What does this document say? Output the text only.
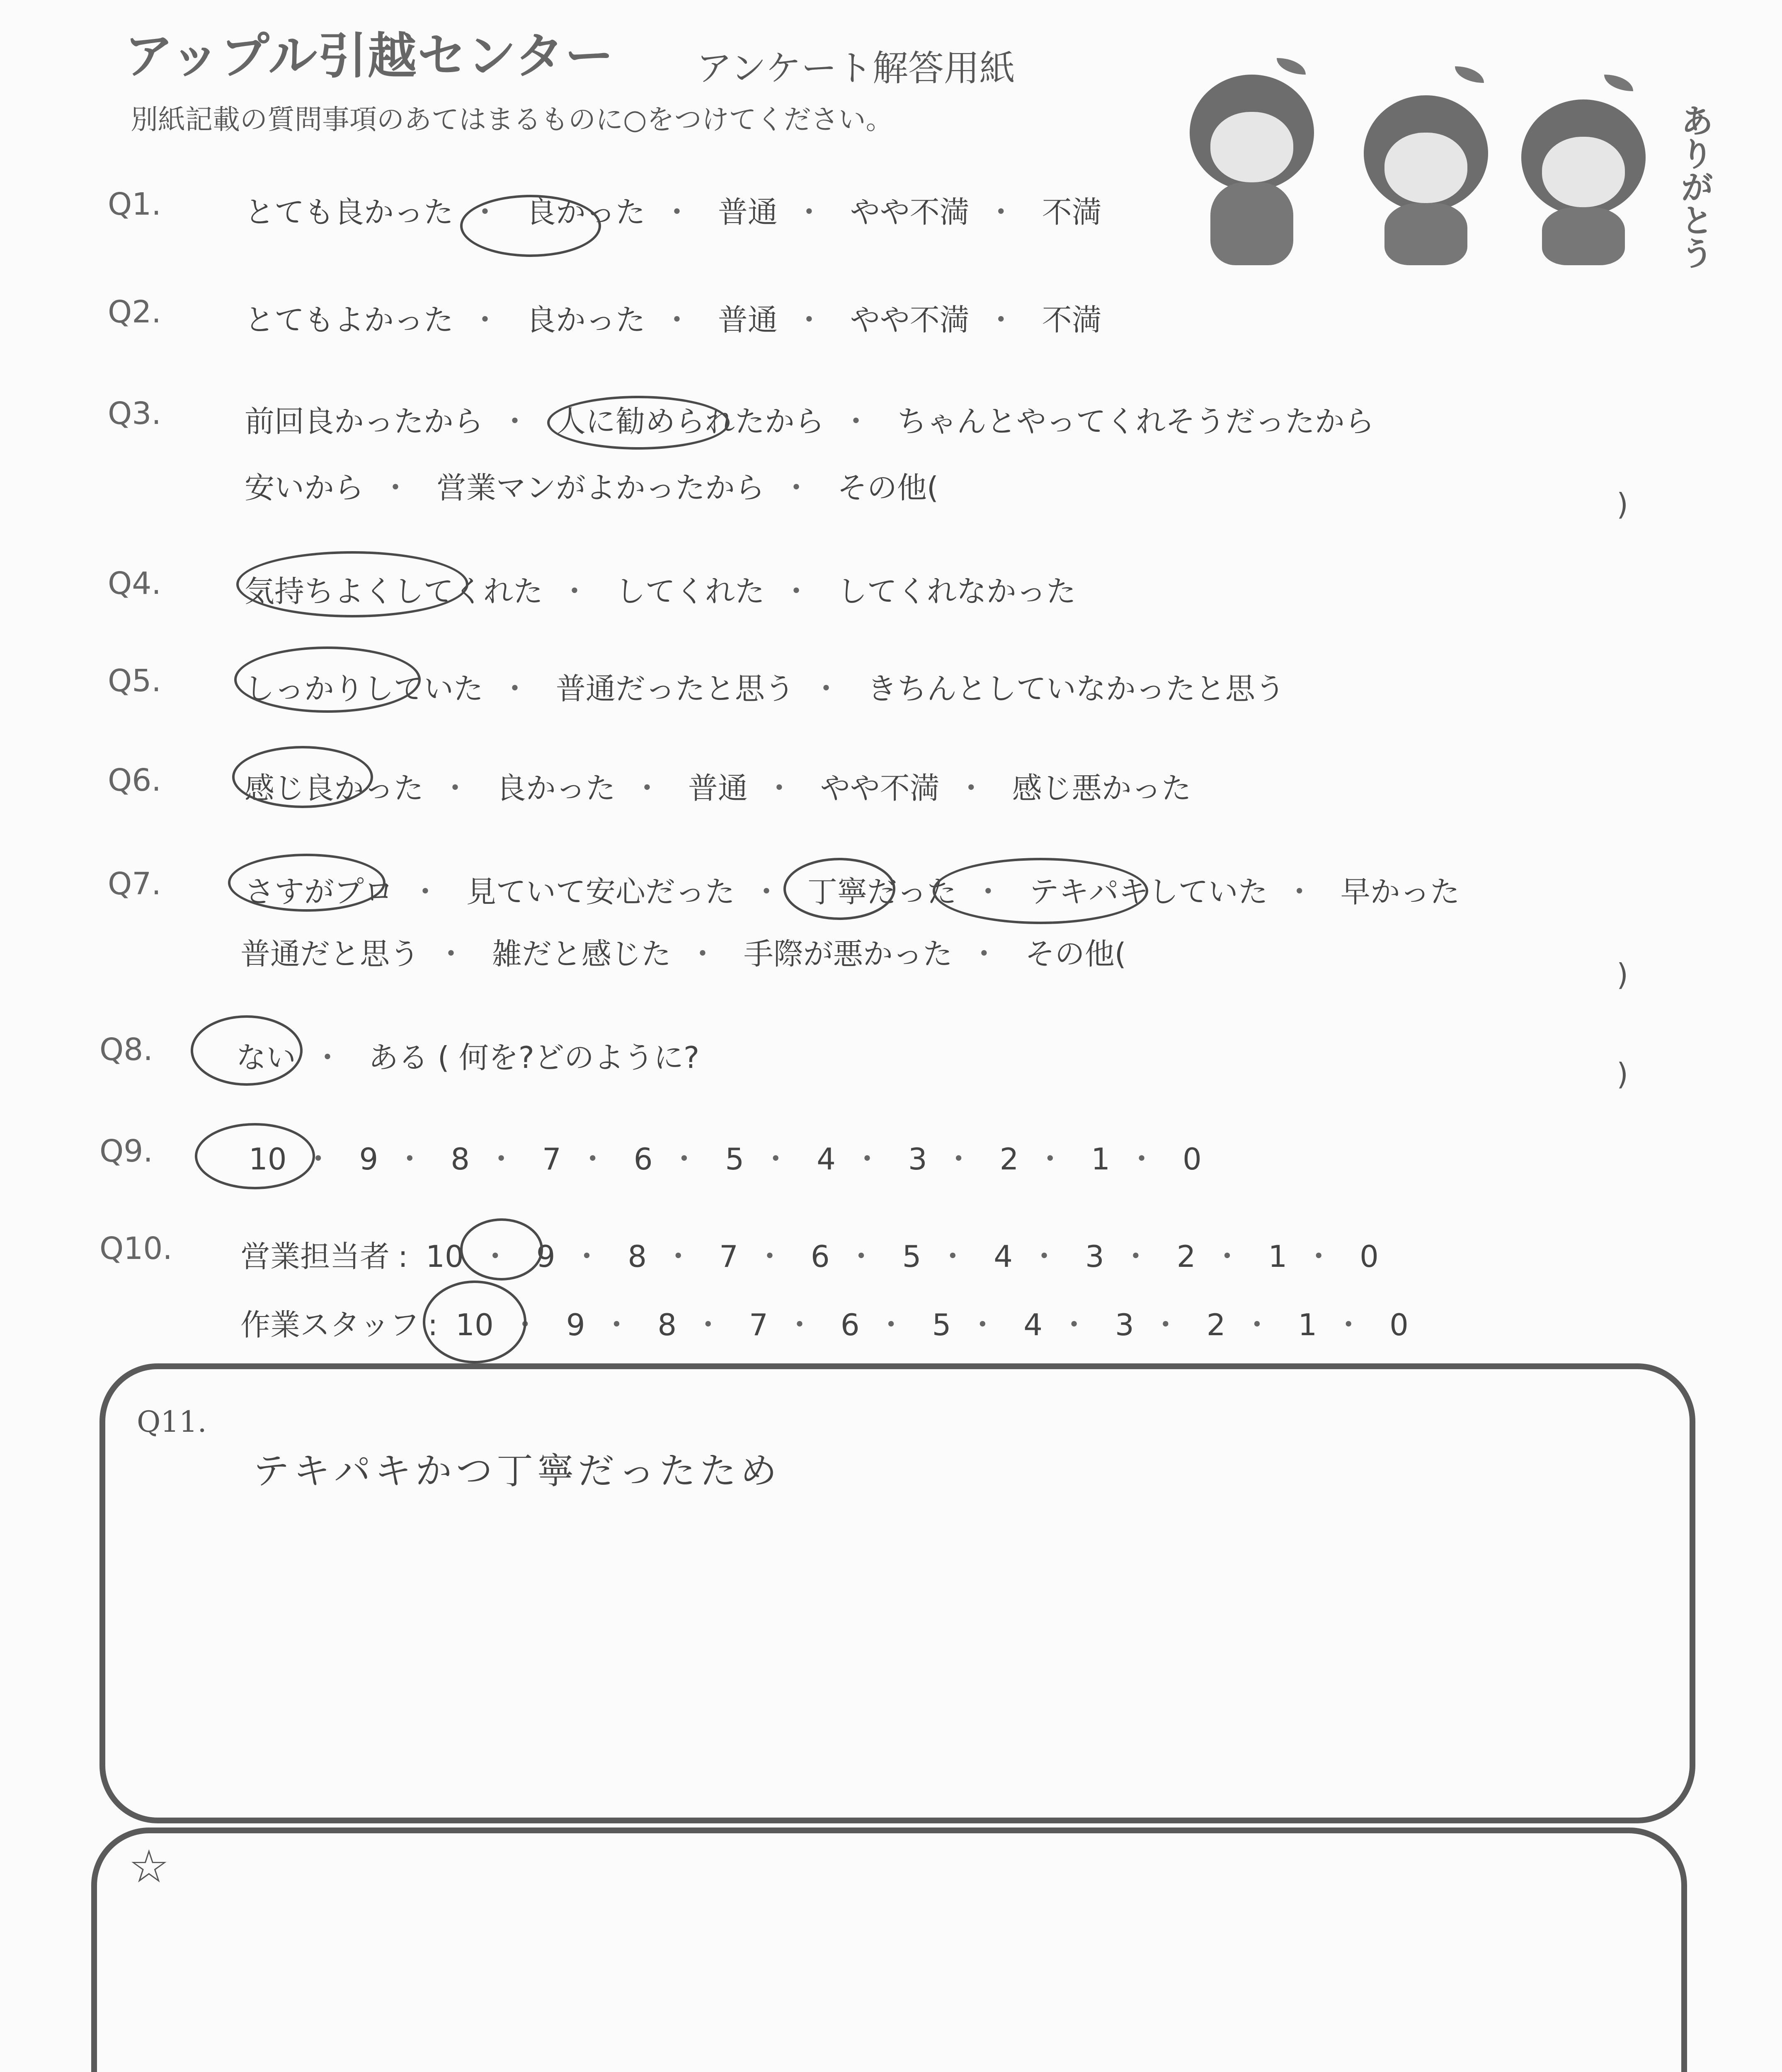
アップル引越センター アンケート解答用紙
別紙記載の質問事項のあてはまるものに○をつけてください。	ありがとう
Q1.	とても良かった ・ 良かった ・ 普通 ・ やや不満 ・ 不満
Q2.	とてもよかった ・ 良かった ・ 普通 ・ やや不満 ・ 不満
Q3.	前回良かったから ・ 人に勧められたから ・ ちゃんとやってくれそうだったから
安いから ・ 営業マンがよかったから ・ その他(	)
Q4.	気持ちよくしてくれた ・ してくれた ・ してくれなかった
Q5.	しっかりしていた ・ 普通だったと思う ・ きちんとしていなかったと思う
Q6.	感じ良かった ・ 良かった ・ 普通 ・ やや不満 ・ 感じ悪かった
Q7.	さすがプロ ・ 見ていて安心だった ・ 丁寧だった ・ テキパキしていた ・ 早かった
普通だと思う ・ 雑だと感じた ・ 手際が悪かった ・ その他(
)
Q8.	ない ・ ある ( 何を?どのように?	)
Q9.	10 ・ 9 ・ 8 ・ 7 ・ 6 ・ 5 ・ 4 ・ 3 ・ 2 ・ 1 ・ 0
Q10. 営業担当者 : 10 ・ 9 ・ 8 ・ 7 ・ 6 ・ 5 ・ 4 ・ 3 ・ 2 ・ 1 ・ 0
作業スタッフ : 10 ・ 9 ・ 8 ・ 7 ・ 6 ・ 5 ・ 4 ・ 3 ・ 2 ・ 1 ・ 0
Q11.
テキパキかつ丁寧だったため
☆
